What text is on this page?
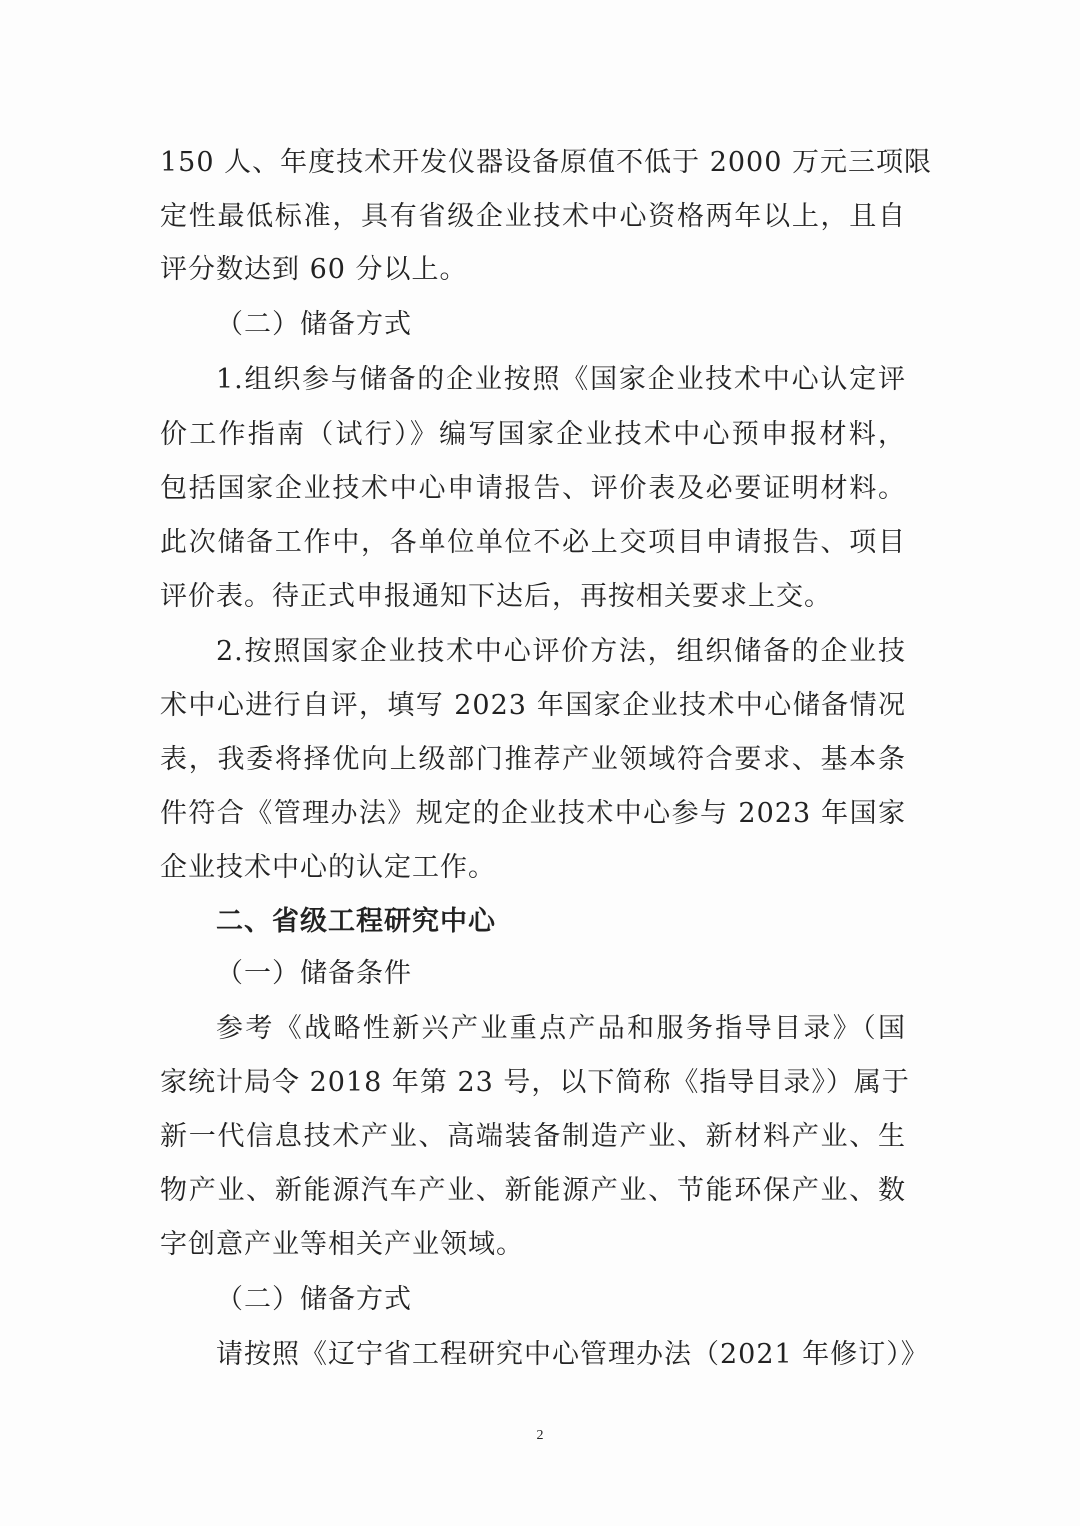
150 人、年度技术开发仪器设备原值不低于 2000 万元三项限
定性最低标准，具有省级企业技术中心资格两年以上，且自
评分数达到 60 分以上。
（二）储备方式
1.组织参与储备的企业按照《国家企业技术中心认定评
价工作指南（试行）》编写国家企业技术中心预申报材料，
包括国家企业技术中心申请报告、评价表及必要证明材料。
此次储备工作中，各单位单位不必上交项目申请报告、项目
评价表。待正式申报通知下达后，再按相关要求上交。
2.按照国家企业技术中心评价方法，组织储备的企业技
术中心进行自评，填写 2023 年国家企业技术中心储备情况
表，我委将择优向上级部门推荐产业领域符合要求、基本条
件符合《管理办法》规定的企业技术中心参与 2023 年国家
企业技术中心的认定工作。
二、省级工程研究中心
（一）储备条件
参考《战略性新兴产业重点产品和服务指导目录》（国
家统计局令 2018 年第 23 号，以下简称《指导目录》）属于
新一代信息技术产业、高端装备制造产业、新材料产业、生
物产业、新能源汽车产业、新能源产业、节能环保产业、数
字创意产业等相关产业领域。
（二）储备方式
请按照《辽宁省工程研究中心管理办法（2021 年修订）》
2
